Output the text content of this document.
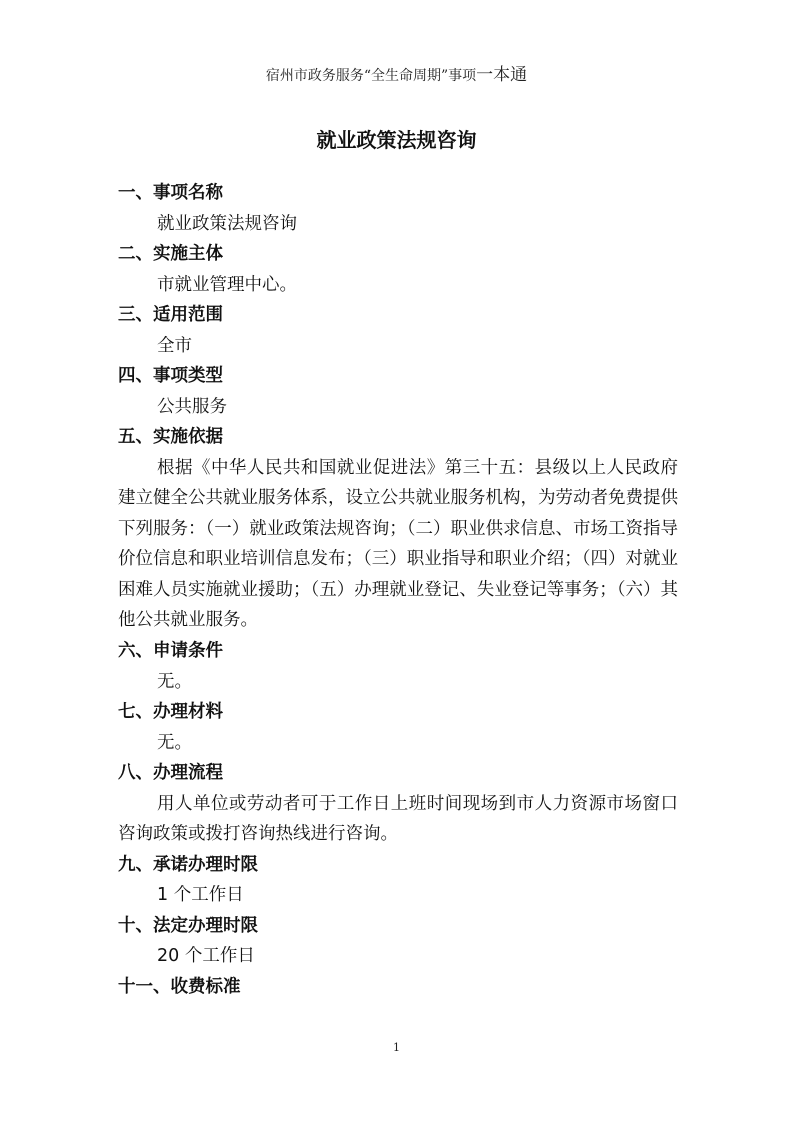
宿州市政务服务“全生命周期”事项一本通
就业政策法规咨询
一、事项名称
就业政策法规咨询
二、实施主体
市就业管理中心。
三、适用范围
全市
四、事项类型
公共服务
五、实施依据
根据《中华人民共和国就业促进法》第三十五：县级以上人民政府建立健全公共就业服务体系，设立公共就业服务机构，为劳动者免费提供下列服务：（一）就业政策法规咨询；（二）职业供求信息、市场工资指导价位信息和职业培训信息发布；（三）职业指导和职业介绍；（四）对就业困难人员实施就业援助；（五）办理就业登记、失业登记等事务；（六）其他公共就业服务。
六、申请条件
无。
七、办理材料
无。
八、办理流程
用人单位或劳动者可于工作日上班时间现场到市人力资源市场窗口咨询政策或拨打咨询热线进行咨询。
九、承诺办理时限
1 个工作日
十、法定办理时限
20 个工作日
十一、收费标准
1
